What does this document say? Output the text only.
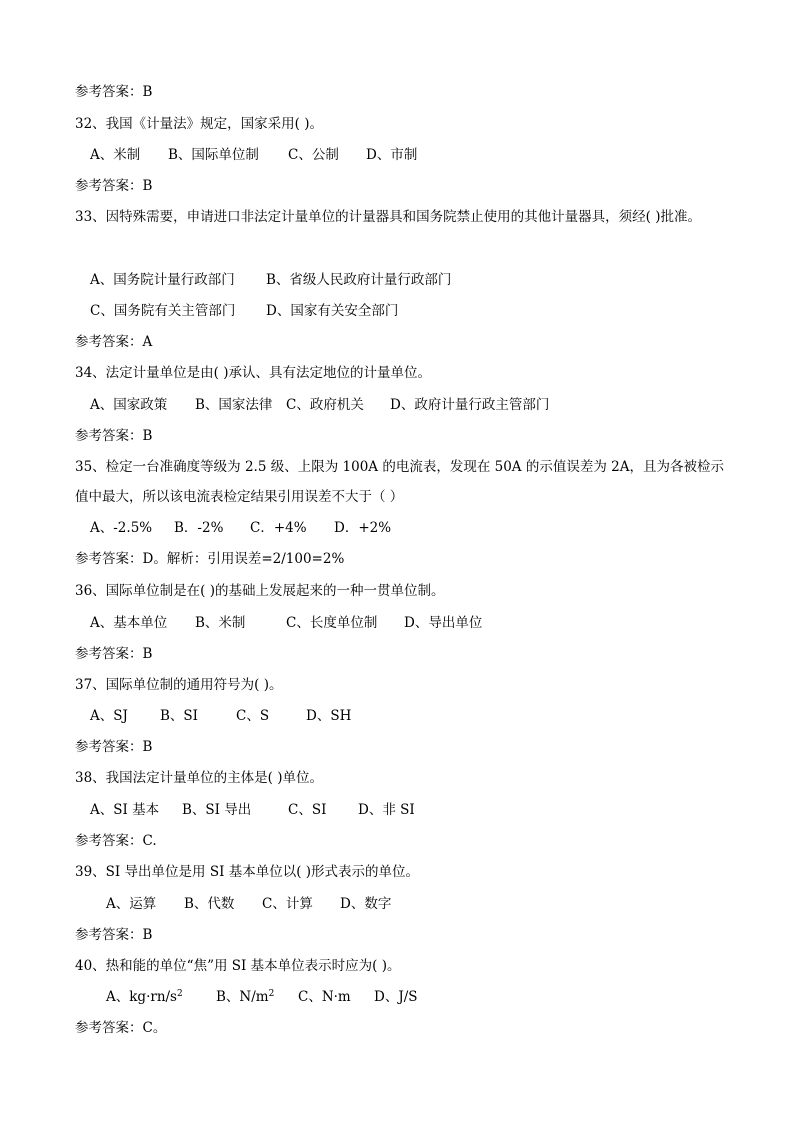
参考答案：B
32、我国《计量法》规定，国家采用( )。
A、米制 B、国际单位制 C、公制 D、市制
参考答案：B
33、因特殊需要，申请进口非法定计量单位的计量器具和国务院禁止使用的其他计量器具，须经( )批准。
A、国务院计量行政部门 B、省级人民政府计量行政部门
C、国务院有关主管部门 D、国家有关安全部门
参考答案：A
34、法定计量单位是由( )承认、具有法定地位的计量单位。
A、国家政策 B、国家法律 C、政府机关 D、政府计量行政主管部门
参考答案：B
35、检定一台准确度等级为 2.5 级、上限为 100A 的电流表，发现在 50A 的示值误差为 2A，且为各被检示
值中最大，所以该电流表检定结果引用误差不大于（ ）
A、-2.5% B．-2% C．+4% D．+2%
参考答案：D。解析：引用误差=2/100=2%
36、国际单位制是在( )的基础上发展起来的一种一贯单位制。
A、基本单位 B、米制	C、长度单位制 D、导出单位
参考答案：B
37、国际单位制的通用符号为( )。
A、SJ B、SI	C、S	D、SH
参考答案：B
38、我国法定计量单位的主体是( )单位。
A、SI 基本 B、SI 导出	C、SI D、非 SI
参考答案：C.
39、SI 导出单位是用 SI 基本单位以( )形式表示的单位。
A、运算 B、代数 C、计算 D、数字
参考答案：B
40、热和能的单位“焦”用 SI 基本单位表示时应为( )。
A、$kg\cdot rn/s^2$ B、$N/m^2$ C、N·m D、J/S
参考答案：C。
